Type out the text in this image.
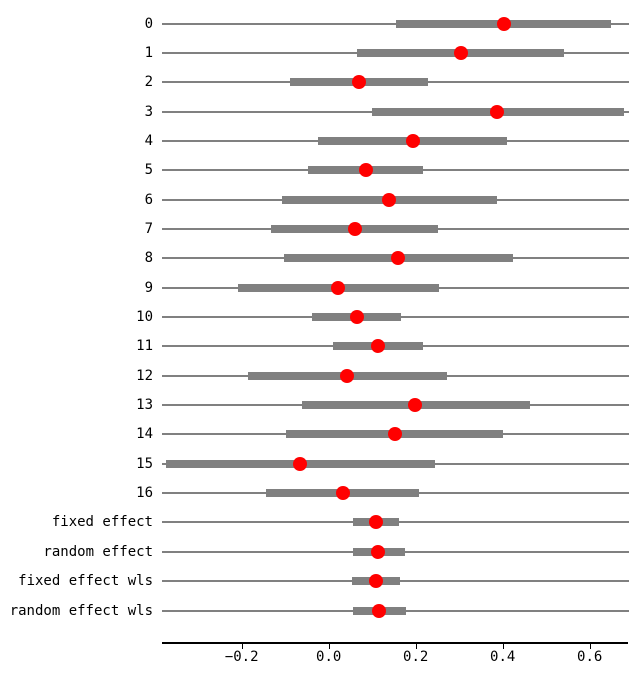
0
1
2
3
4
5
6
7
8
9
10
11
12
13
14
15
16
fixed effect
random effect
fixed effect wls
random effect wls
−0.2	0.0	0.2	0.4	0.6
